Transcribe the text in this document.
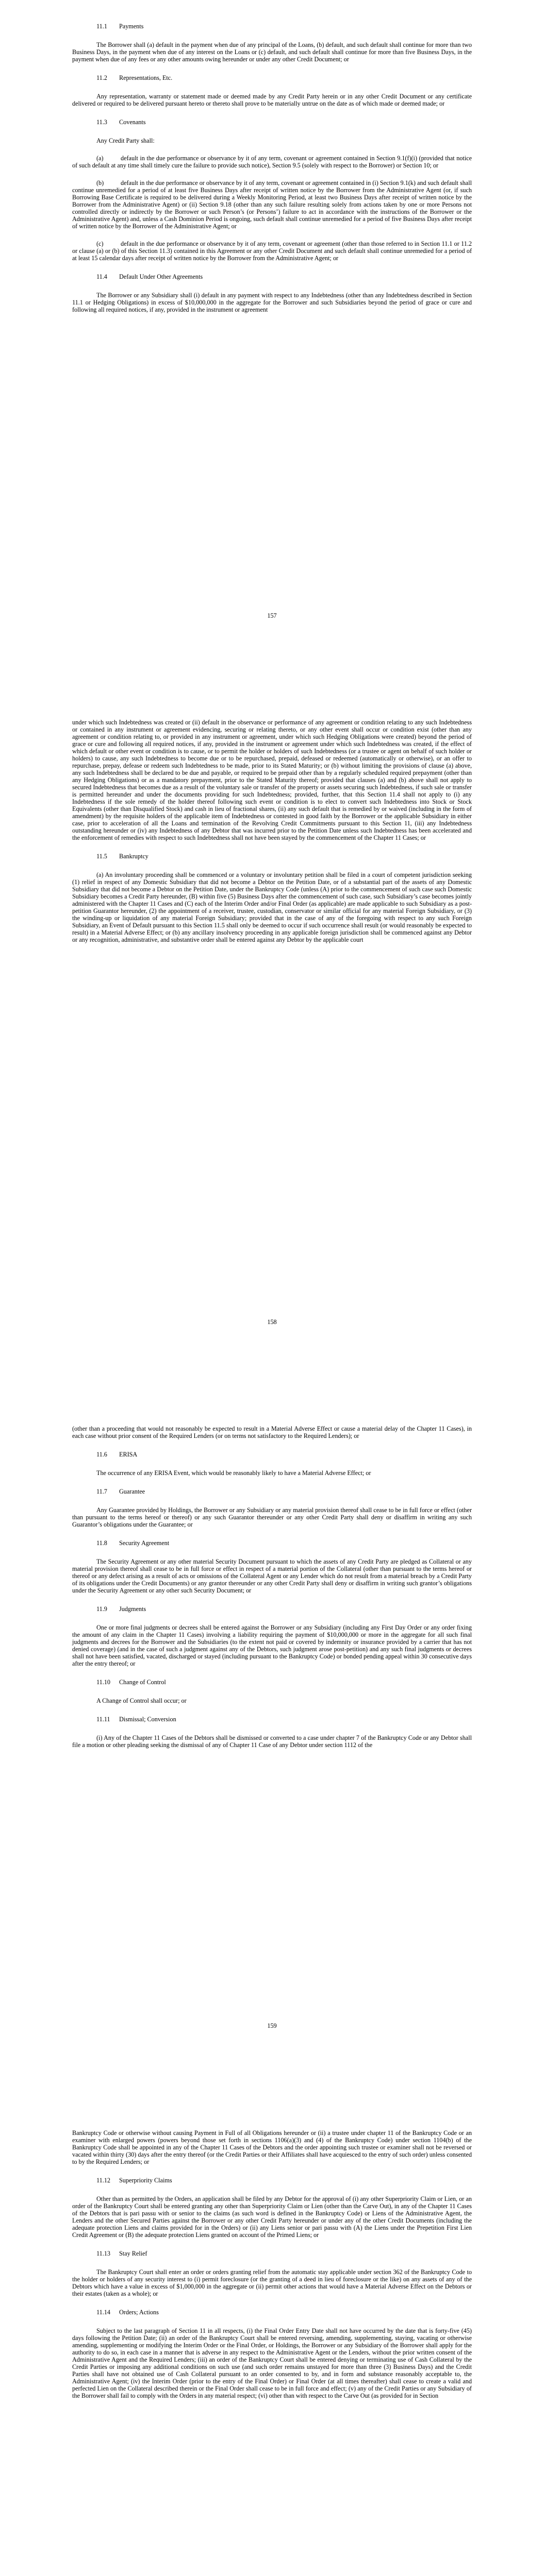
11.1 Payments

The Borrower shall (a) default in the payment when due of any principal of the Loans, (b) default, and such default shall continue for more than two Business Days, in the payment when due of any interest on the Loans or (c) default, and such default shall continue for more than five Business Days, in the payment when due of any fees or any other amounts owing hereunder or under any other Credit Document; or

11.2 Representations, Etc.

Any representation, warranty or statement made or deemed made by any Credit Party herein or in any other Credit Document or any certificate delivered or required to be delivered pursuant hereto or thereto shall prove to be materially untrue on the date as of which made or deemed made; or

11.3 Covenants

Any Credit Party shall:

(a)	default in the due performance or observance by it of any term, covenant or agreement contained in Section 9.1(f)(i) (provided that notice of such default at any time shall timely cure the failure to provide such notice), Section 9.5 (solely with respect to the Borrower) or Section 10; or

(b)	default in the due performance or observance by it of any term, covenant or agreement contained in (i) Section 9.1(k) and such default shall continue unremedied for a period of at least five Business Days after receipt of written notice by the Borrower from the Administrative Agent (or, if such Borrowing Base Certificate is required to be delivered during a Weekly Monitoring Period, at least two Business Days after receipt of written notice by the Borrower from the Administrative Agent) or (ii) Section 9.18 (other than any such failure resulting solely from actions taken by one or more Persons not controlled directly or indirectly by the Borrower or such Person’s (or Persons’) failure to act in accordance with the instructions of the Borrower or the Administrative Agent) and, unless a Cash Dominion Period is ongoing, such default shall continue unremedied for a period of five Business Days after receipt of written notice by the Borrower of the Administrative Agent; or

(c)	default in the due performance or observance by it of any term, covenant or agreement (other than those referred to in Section 11.1 or 11.2 or clause (a) or (b) of this Section 11.3) contained in this Agreement or any other Credit Document and such default shall continue unremedied for a period of at least 15 calendar days after receipt of written notice by the Borrower from the Administrative Agent; or

11.4 Default Under Other Agreements

The Borrower or any Subsidiary shall (i) default in any payment with respect to any Indebtedness (other than any Indebtedness described in Section 11.1 or Hedging Obligations) in excess of $10,000,000 in the aggregate for the Borrower and such Subsidiaries beyond the period of grace or cure and following all required notices, if any, provided in the instrument or agreement

157

under which such Indebtedness was created or (ii) default in the observance or performance of any agreement or condition relating to any such Indebtedness or contained in any instrument or agreement evidencing, securing or relating thereto, or any other event shall occur or condition exist (other than any agreement or condition relating to, or provided in any instrument or agreement, under which such Hedging Obligations were created) beyond the period of grace or cure and following all required notices, if any, provided in the instrument or agreement under which such Indebtedness was created, if the effect of which default or other event or condition is to cause, or to permit the holder or holders of such Indebtedness (or a trustee or agent on behalf of such holder or holders) to cause, any such Indebtedness to become due or to be repurchased, prepaid, defeased or redeemed (automatically or otherwise), or an offer to repurchase, prepay, defease or redeem such Indebtedness to be made, prior to its Stated Maturity; or (b) without limiting the provisions of clause (a) above, any such Indebtedness shall be declared to be due and payable, or required to be prepaid other than by a regularly scheduled required prepayment (other than any Hedging Obligations) or as a mandatory prepayment, prior to the Stated Maturity thereof; provided that clauses (a) and (b) above shall not apply to secured Indebtedness that becomes due as a result of the voluntary sale or transfer of the property or assets securing such Indebtedness, if such sale or transfer is permitted hereunder and under the documents providing for such Indebtedness; provided, further, that this Section 11.4 shall not apply to (i) any Indebtedness if the sole remedy of the holder thereof following such event or condition is to elect to convert such Indebtedness into Stock or Stock Equivalents (other than Disqualified Stock) and cash in lieu of fractional shares, (ii) any such default that is remedied by or waived (including in the form of amendment) by the requisite holders of the applicable item of Indebtedness or contested in good faith by the Borrower or the applicable Subsidiary in either case, prior to acceleration of all the Loans and termination of the Revolving Credit Commitments pursuant to this Section 11, (iii) any Indebtedness outstanding hereunder or (iv) any Indebtedness of any Debtor that was incurred prior to the Petition Date unless such Indebtedness has been accelerated and the enforcement of remedies with respect to such Indebtedness shall not have been stayed by the commencement of the Chapter 11 Cases; or

11.5 Bankruptcy

(a) An involuntary proceeding shall be commenced or a voluntary or involuntary petition shall be filed in a court of competent jurisdiction seeking (1) relief in respect of any Domestic Subsidiary that did not become a Debtor on the Petition Date, or of a substantial part of the assets of any Domestic Subsidiary that did not become a Debtor on the Petition Date, under the Bankruptcy Code (unless (A) prior to the commencement of such case such Domestic Subsidiary becomes a Credit Party hereunder, (B) within five (5) Business Days after the commencement of such case, such Subsidiary’s case becomes jointly administered with the Chapter 11 Cases and (C) each of the Interim Order and/or Final Order (as applicable) are made applicable to such Subsidiary as a post-petition Guarantor hereunder, (2) the appointment of a receiver, trustee, custodian, conservator or similar official for any material Foreign Subsidiary, or (3) the winding-up or liquidation of any material Foreign Subsidiary; provided that in the case of any of the foregoing with respect to any such Foreign Subsidiary, an Event of Default pursuant to this Section 11.5 shall only be deemed to occur if such occurrence shall result (or would reasonably be expected to result) in a Material Adverse Effect; or (b) any ancillary insolvency proceeding in any applicable foreign jurisdiction shall be commenced against any Debtor or any recognition, administrative, and substantive order shall be entered against any Debtor by the applicable court

158

(other than a proceeding that would not reasonably be expected to result in a Material Adverse Effect or cause a material delay of the Chapter 11 Cases), in each case without prior consent of the Required Lenders (or on terms not satisfactory to the Required Lenders); or

11.6 ERISA

The occurrence of any ERISA Event, which would be reasonably likely to have a Material Adverse Effect; or

11.7 Guarantee

Any Guarantee provided by Holdings, the Borrower or any Subsidiary or any material provision thereof shall cease to be in full force or effect (other than pursuant to the terms hereof or thereof) or any such Guarantor thereunder or any other Credit Party shall deny or disaffirm in writing any such Guarantor’s obligations under the Guarantee; or

11.8 Security Agreement

The Security Agreement or any other material Security Document pursuant to which the assets of any Credit Party are pledged as Collateral or any material provision thereof shall cease to be in full force or effect in respect of a material portion of the Collateral (other than pursuant to the terms hereof or thereof or any defect arising as a result of acts or omissions of the Collateral Agent or any Lender which do not result from a material breach by a Credit Party of its obligations under the Credit Documents) or any grantor thereunder or any other Credit Party shall deny or disaffirm in writing such grantor’s obligations under the Security Agreement or any other such Security Document; or

11.9 Judgments

One or more final judgments or decrees shall be entered against the Borrower or any Subsidiary (including any First Day Order or any order fixing the amount of any claim in the Chapter 11 Cases) involving a liability requiring the payment of $10,000,000 or more in the aggregate for all such final judgments and decrees for the Borrower and the Subsidiaries (to the extent not paid or covered by indemnity or insurance provided by a carrier that has not denied coverage) (and in the case of such a judgment against any of the Debtors, such judgment arose post-petition) and any such final judgments or decrees shall not have been satisfied, vacated, discharged or stayed (including pursuant to the Bankruptcy Code) or bonded pending appeal within 30 consecutive days after the entry thereof; or

11.10 Change of Control

A Change of Control shall occur; or

11.11 Dismissal; Conversion

(i) Any of the Chapter 11 Cases of the Debtors shall be dismissed or converted to a case under chapter 7 of the Bankruptcy Code or any Debtor shall file a motion or other pleading seeking the dismissal of any of Chapter 11 Case of any Debtor under section 1112 of the

159

Bankruptcy Code or otherwise without causing Payment in Full of all Obligations hereunder or (ii) a trustee under chapter 11 of the Bankruptcy Code or an examiner with enlarged powers (powers beyond those set forth in sections 1106(a)(3) and (4) of the Bankruptcy Code) under section 1104(b) of the Bankruptcy Code shall be appointed in any of the Chapter 11 Cases of the Debtors and the order appointing such trustee or examiner shall not be reversed or vacated within thirty (30) days after the entry thereof (or the Credit Parties or their Affiliates shall have acquiesced to the entry of such order) unless consented to by the Required Lenders; or

11.12 Superpriority Claims

Other than as permitted by the Orders, an application shall be filed by any Debtor for the approval of (i) any other Superpriority Claim or Lien, or an order of the Bankruptcy Court shall be entered granting any other than Superpriority Claim or Lien (other than the Carve Out), in any of the Chapter 11 Cases of the Debtors that is pari passu with or senior to the claims (as such word is defined in the Bankruptcy Code) or Liens of the Administrative Agent, the Lenders and the other Secured Parties against the Borrower or any other Credit Party hereunder or under any of the other Credit Documents (including the adequate protection Liens and claims provided for in the Orders) or (ii) any Liens senior or pari passu with (A) the Liens under the Prepetition First Lien Credit Agreement or (B) the adequate protection Liens granted on account of the Primed Liens; or

11.13 Stay Relief

The Bankruptcy Court shall enter an order or orders granting relief from the automatic stay applicable under section 362 of the Bankruptcy Code to the holder or holders of any security interest to (i) permit foreclosure (or the granting of a deed in lieu of foreclosure or the like) on any assets of any of the Debtors which have a value in excess of $1,000,000 in the aggregate or (ii) permit other actions that would have a Material Adverse Effect on the Debtors or their estates (taken as a whole); or

11.14 Orders; Actions

Subject to the last paragraph of Section 11 in all respects, (i) the Final Order Entry Date shall not have occurred by the date that is forty-five (45) days following the Petition Date; (ii) an order of the Bankruptcy Court shall be entered reversing, amending, supplementing, staying, vacating or otherwise amending, supplementing or modifying the Interim Order or the Final Order, or Holdings, the Borrower or any Subsidiary of the Borrower shall apply for the authority to do so, in each case in a manner that is adverse in any respect to the Administrative Agent or the Lenders, without the prior written consent of the Administrative Agent and the Required Lenders; (iii) an order of the Bankruptcy Court shall be entered denying or terminating use of Cash Collateral by the Credit Parties or imposing any additional conditions on such use (and such order remains unstayed for more than three (3) Business Days) and the Credit Parties shall have not obtained use of Cash Collateral pursuant to an order consented to by, and in form and substance reasonably acceptable to, the Administrative Agent; (iv) the Interim Order (prior to the entry of the Final Order) or Final Order (at all times thereafter) shall cease to create a valid and perfected Lien on the Collateral described therein or the Final Order shall cease to be in full force and effect; (v) any of the Credit Parties or any Subsidiary of the Borrower shall fail to comply with the Orders in any material respect; (vi) other than with respect to the Carve Out (as provided for in Section
